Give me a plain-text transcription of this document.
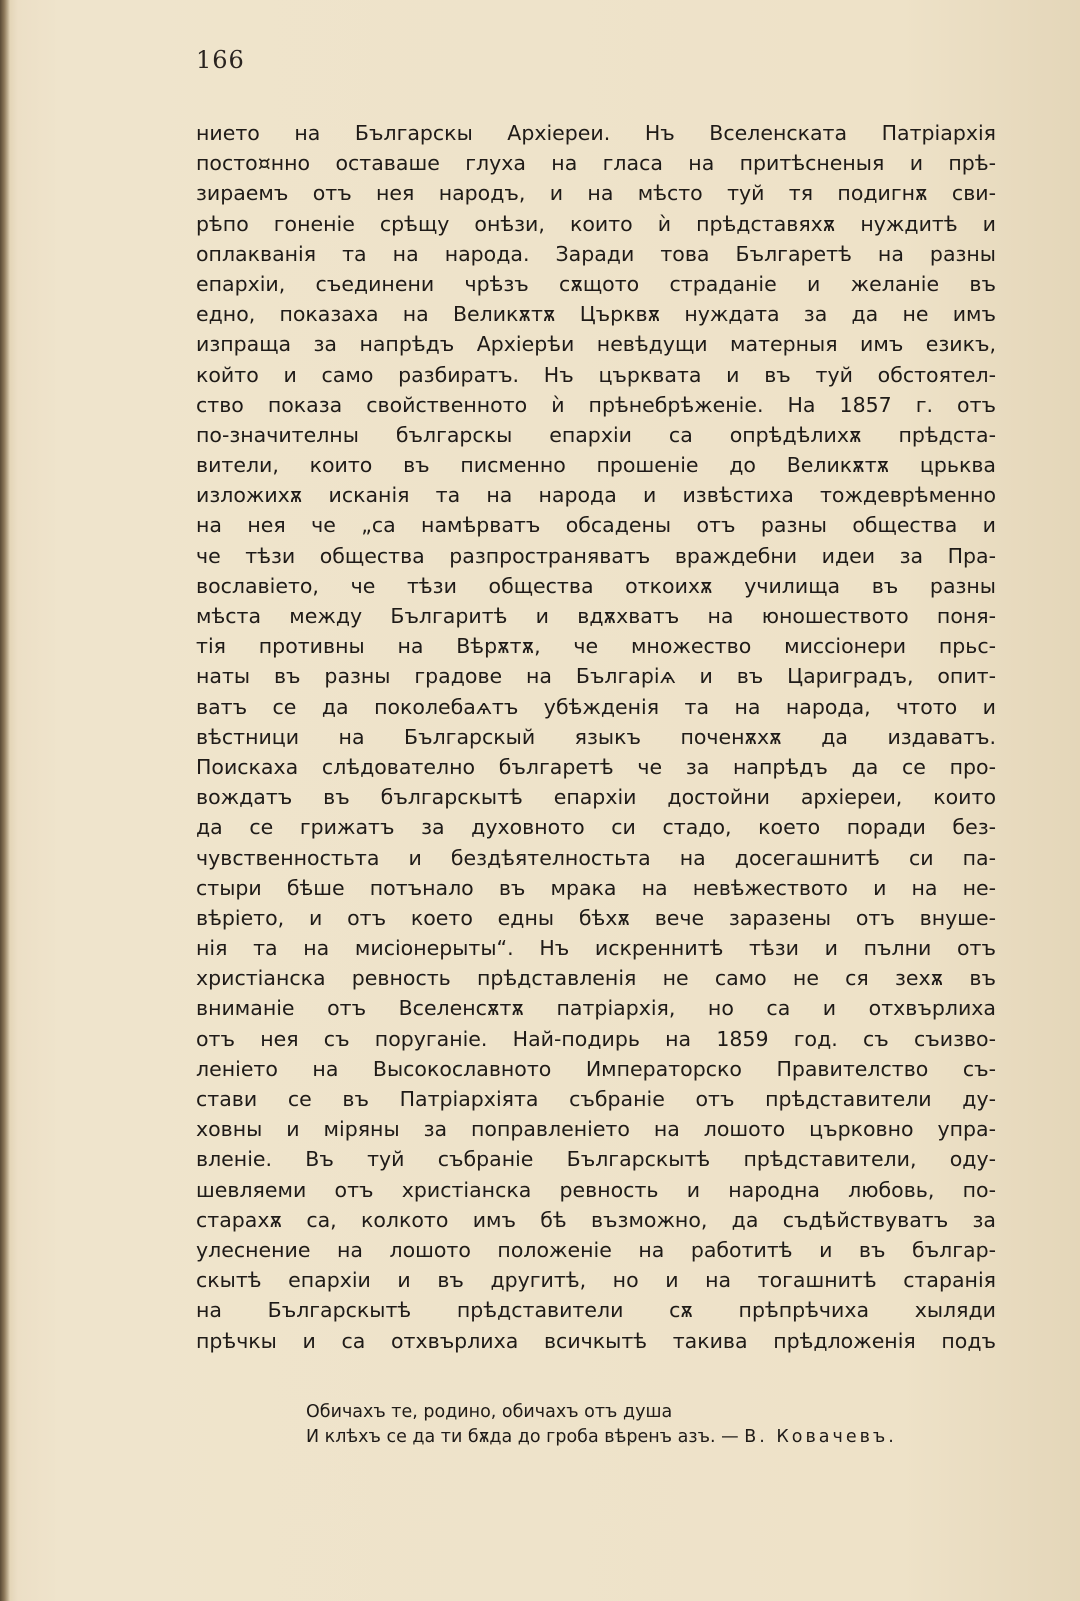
166
нието на Българскы Архіереи. Нъ Вселенската Патріархія
посто¤нно оставаше глуха на гласа на притѣсненыя и прѣ-
зираемъ отъ нея народъ, и на мѣсто туй тя подигнѫ сви-
рѣпо гоненіе срѣщу онѣзи, които ѝ прѣдставяхѫ нуждитѣ и
оплакванія та на народа. Заради това Българетѣ на разны
епархіи, съединени чрѣзъ сѫщото страданіе и желаніе въ
едно, показаха на Великѫтѫ Църквѫ нуждата за да не имъ
изпраща за напрѣдъ Архіерѣи невѣдущи матерныя имъ езикъ,
който и само разбиратъ. Нъ църквата и въ туй обстоятел-
ство показа свойственното ѝ прѣнебрѣженіе. На 1857 г. отъ
по-значителны българскы епархіи са опрѣдѣлихѫ прѣдста-
вители, които въ писменно прошеніе до Великѫтѫ црьква
изложихѫ исканія та на народа и извѣстиха тождеврѣменно
на нея че „са намѣрватъ обсадены отъ разны общества и
че тѣзи общества разпространяватъ враждебни идеи за Пра-
вославіето, че тѣзи общества откоихѫ училища въ разны
мѣста между Българитѣ и вдѫхватъ на юношеството поня-
тія противны на Вѣрѫтѫ, че множество миссіонери прьс-
наты въ разны градове на Българіѧ и въ Цариградъ, опит-
ватъ се да поколебаѧтъ убѣжденія та на нарoда, чтото и
вѣстници на Българскый языкъ поченѫхѫ да издаватъ.
Поискаха слѣдователно българетѣ че за напрѣдъ да се про-
вождатъ въ българскытѣ епархіи достойни архіереи, които
да се грижатъ за духовното си стадо, което поради без-
чувственностьта и бездѣятелностьта на досегашнитѣ си па-
стыри бѣше потънало въ мрака на невѣжеството и на не-
вѣріето, и отъ което едны бѣхѫ вече заразены отъ внуше-
нія та на мисіонерыты“. Нъ искреннитѣ тѣзи и пълни отъ
христіанска ревность прѣдставленія не само не ся зехѫ въ
вниманіе отъ Вселенсѫтѫ патріархія, но са и отхвърлиха
отъ нея съ поруганіе. Най-подирь на 1859 год. съ съизво-
леніето на Высокославното Императорско Правителство съ-
стави се въ Патріархіята събраніе отъ прѣдставители ду-
ховны и міряны за поправленіето на лошото църковно упра-
вленіе. Въ туй събраніе Българскытѣ прѣдставители, оду-
шевляеми отъ христіанска ревность и народна любовь, по-
старахѫ са, колкото имъ бѣ възможно, да съдѣйствуватъ за
улеснение на лошото положеніе на работитѣ и въ българ-
скытѣ епархіи и въ другитѣ, но и на тогашнитѣ старанія
на Българскытѣ прѣдставители сѫ прѣпрѣчиха хыляди
прѣчкы и са отхвърлиха всичкытѣ такива прѣдложенія подъ
Обичахъ те, родино, обичахъ отъ душа
И клѣхъ се да ти бѫда до гроба вѣренъ азъ. — В. Ковачевъ.
